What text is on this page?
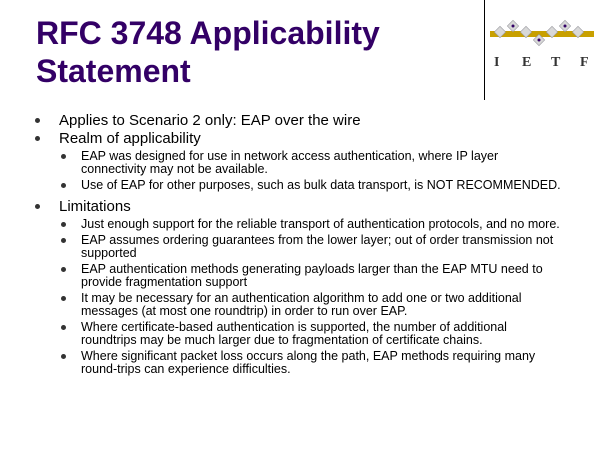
RFC 3748 Applicability
Statement	I E T F
Applies to Scenario 2 only: EAP over the wire
Realm of applicability
EAP was designed for use in network access authentication, where IP layer connectivity may not be available.
Use of EAP for other purposes, such as bulk data transport, is NOT RECOMMENDED.
Limitations
Just enough support for the reliable transport of authentication protocols, and no more.
EAP assumes ordering guarantees from the lower layer; out of order transmission not supported
EAP authentication methods generating payloads larger than the EAP MTU need to provide fragmentation support
It may be necessary for an authentication algorithm to add one or two additional messages (at most one roundtrip) in order to run over EAP.
Where certificate-based authentication is supported, the number of additional roundtrips may be much larger due to fragmentation of certificate chains.
Where significant packet loss occurs along the path, EAP methods requiring many round-trips can experience difficulties.
